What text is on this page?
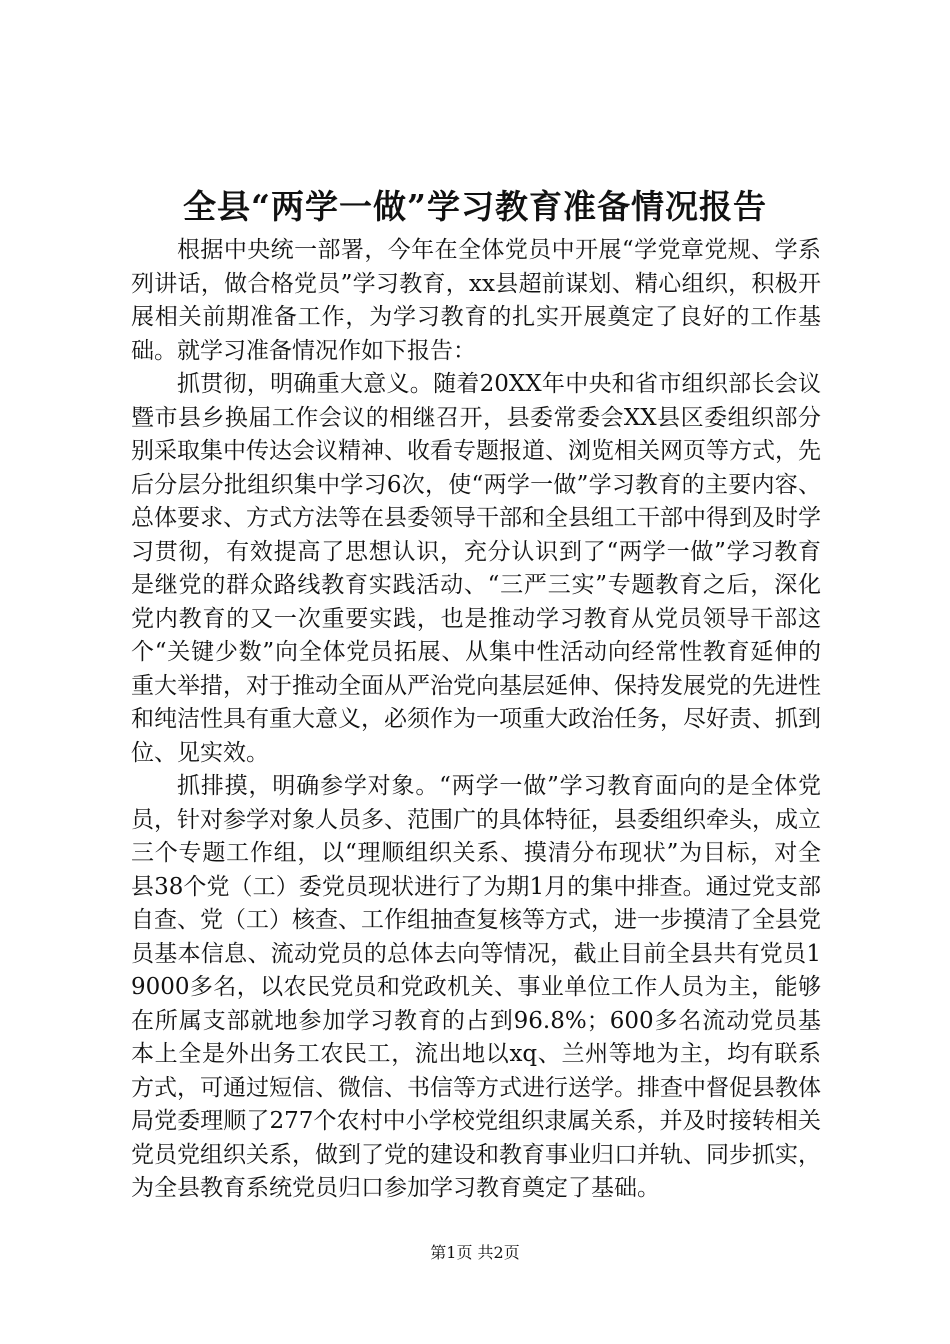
全县“两学一做”学习教育准备情况报告

根据中央统一部署，今年在全体党员中开展“学党章党规、学系列讲话，做合格党员”学习教育，xx县超前谋划、精心组织，积极开展相关前期准备工作，为学习教育的扎实开展奠定了良好的工作基础。就学习准备情况作如下报告：

抓贯彻，明确重大意义。随着20XX年中央和省市组织部长会议暨市县乡换届工作会议的相继召开，县委常委会XX县区委组织部分别采取集中传达会议精神、收看专题报道、浏览相关网页等方式，先后分层分批组织集中学习6次，使“两学一做”学习教育的主要内容、总体要求、方式方法等在县委领导干部和全县组工干部中得到及时学习贯彻，有效提高了思想认识，充分认识到了“两学一做”学习教育是继党的群众路线教育实践活动、“三严三实”专题教育之后，深化党内教育的又一次重要实践，也是推动学习教育从党员领导干部这个“关键少数”向全体党员拓展、从集中性活动向经常性教育延伸的重大举措，对于推动全面从严治党向基层延伸、保持发展党的先进性和纯洁性具有重大意义，必须作为一项重大政治任务，尽好责、抓到位、见实效。

抓排摸，明确参学对象。“两学一做”学习教育面向的是全体党员，针对参学对象人员多、范围广的具体特征，县委组织牵头，成立三个专题工作组，以“理顺组织关系、摸清分布现状”为目标，对全县38个党（工）委党员现状进行了为期1月的集中排查。通过党支部自查、党（工）核查、工作组抽查复核等方式，进一步摸清了全县党员基本信息、流动党员的总体去向等情况，截止目前全县共有党员19000多名，以农民党员和党政机关、事业单位工作人员为主，能够在所属支部就地参加学习教育的占到96.8%；600多名流动党员基本上全是外出务工农民工，流出地以xq、兰州等地为主，均有联系方式，可通过短信、微信、书信等方式进行送学。排查中督促县教体局党委理顺了277个农村中小学校党组织隶属关系，并及时接转相关党员党组织关系，做到了党的建设和教育事业归口并轨、同步抓实，为全县教育系统党员归口参加学习教育奠定了基础。

第1页 共2页
